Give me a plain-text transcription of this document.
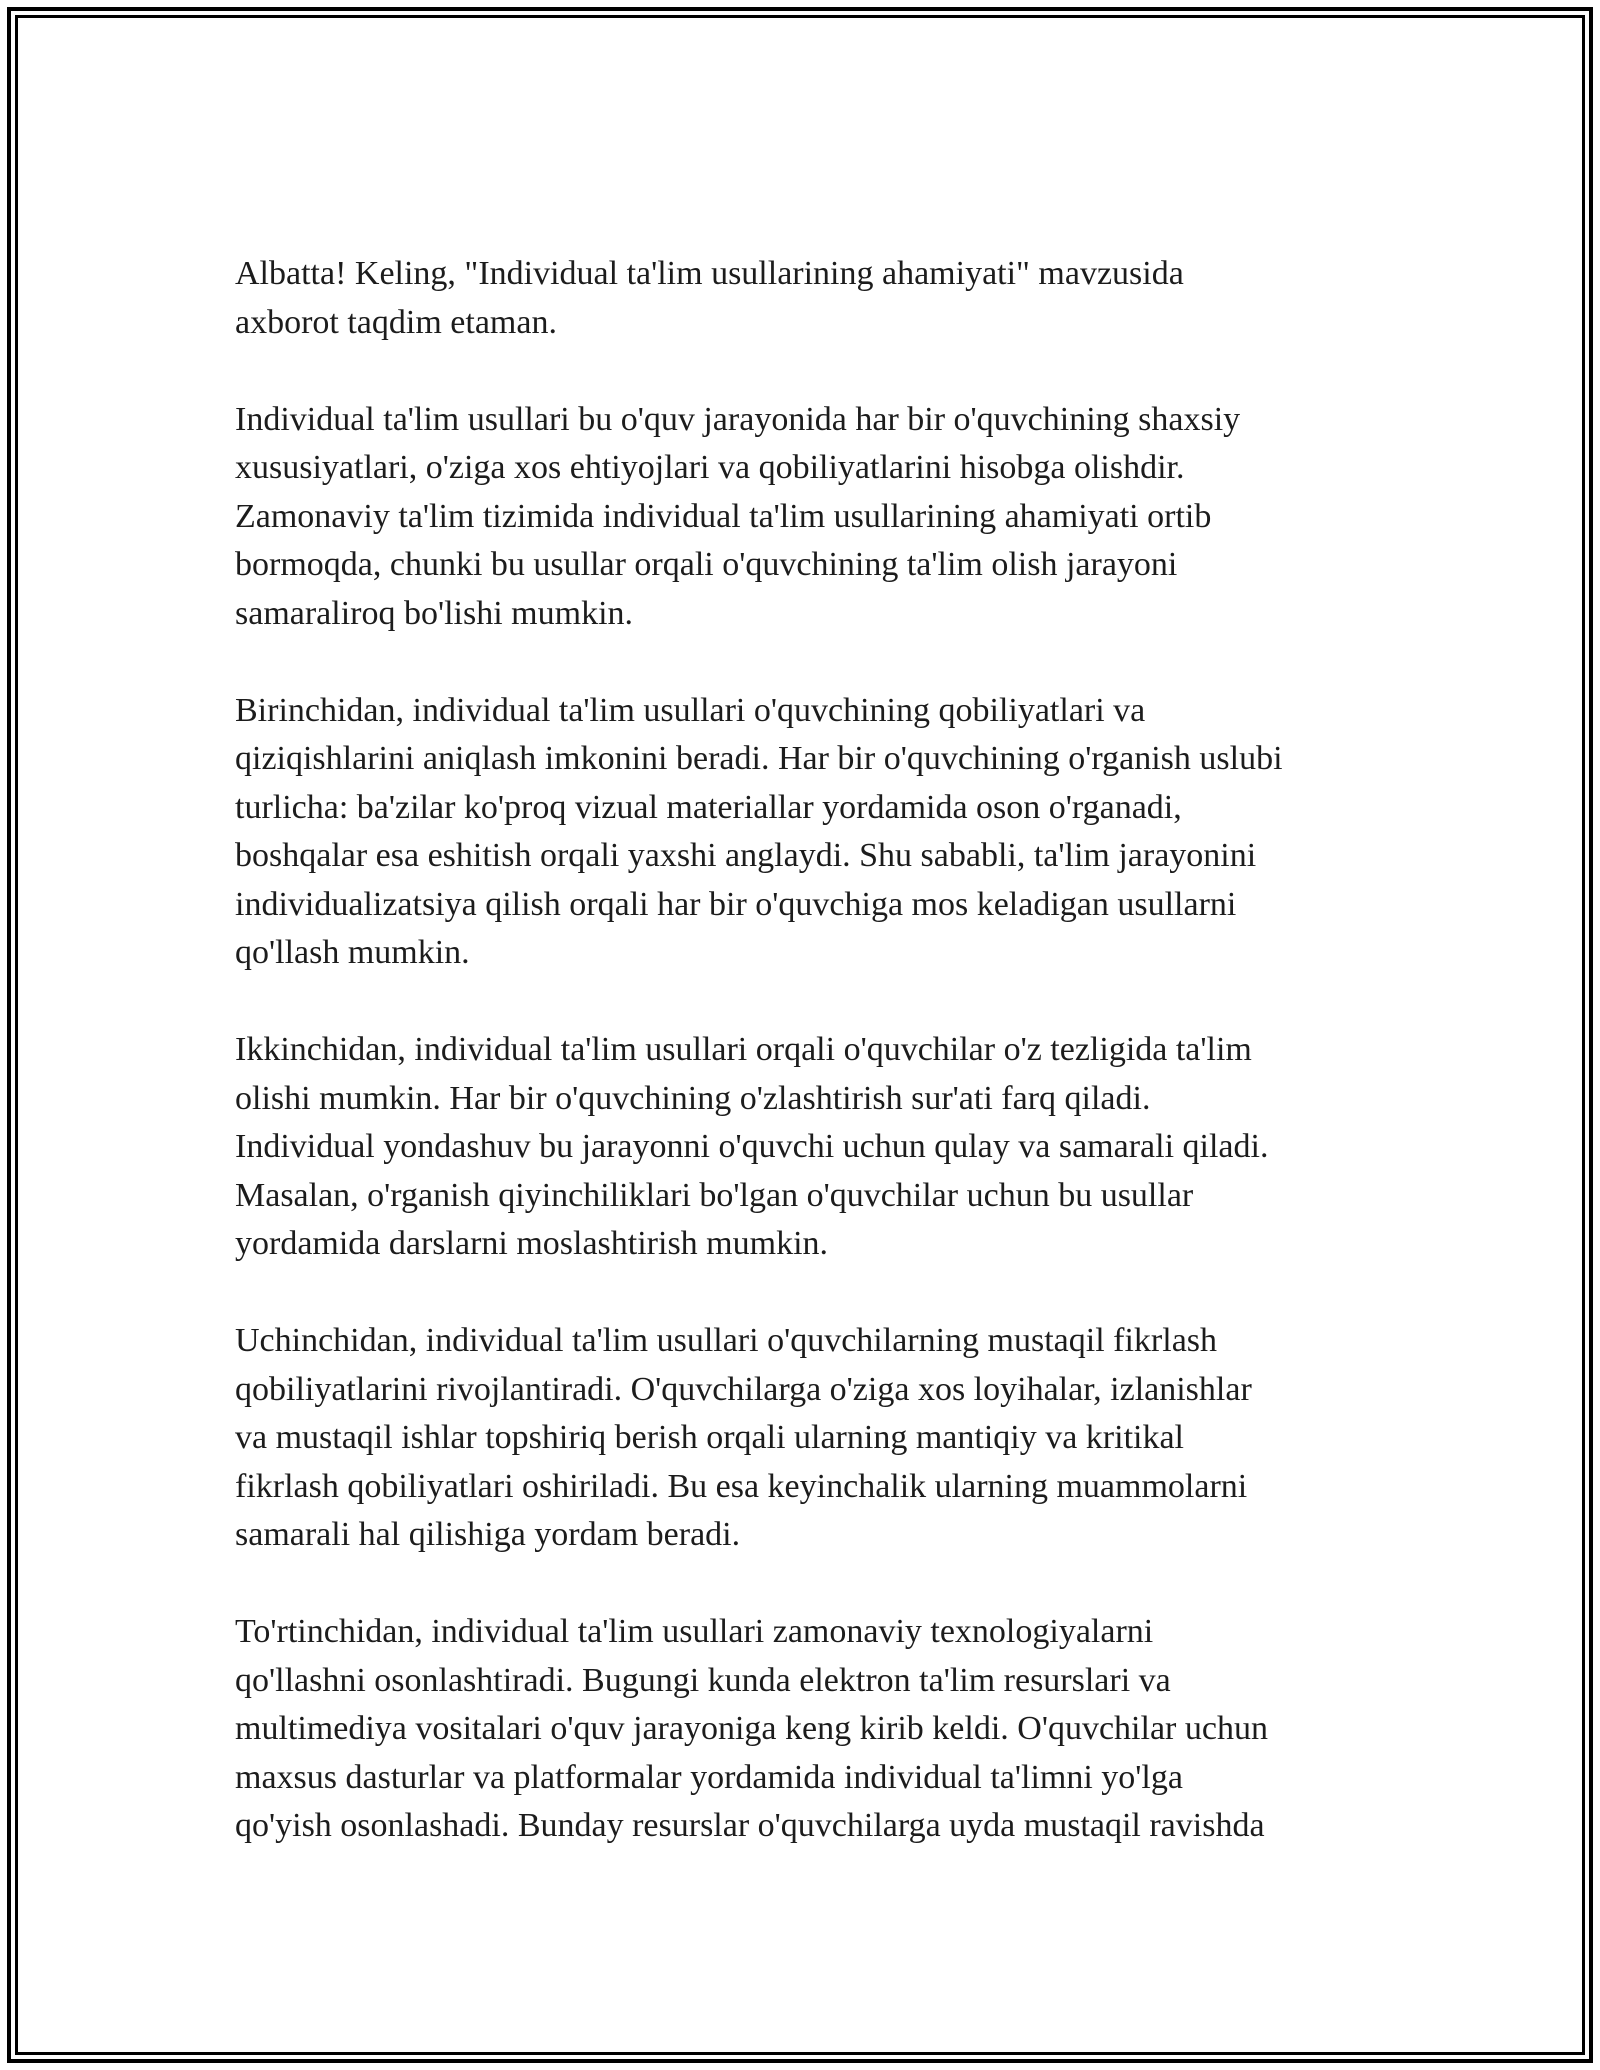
Albatta! Keling, "Individual ta'lim usullarining ahamiyati" mavzusida
axborot taqdim etaman.

Individual ta'lim usullari bu o'quv jarayonida har bir o'quvchining shaxsiy
xususiyatlari, o'ziga xos ehtiyojlari va qobiliyatlarini hisobga olishdir.
Zamonaviy ta'lim tizimida individual ta'lim usullarining ahamiyati ortib
bormoqda, chunki bu usullar orqali o'quvchining ta'lim olish jarayoni
samaraliroq bo'lishi mumkin.

Birinchidan, individual ta'lim usullari o'quvchining qobiliyatlari va
qiziqishlarini aniqlash imkonini beradi. Har bir o'quvchining o'rganish uslubi
turlicha: ba'zilar ko'proq vizual materiallar yordamida oson o'rganadi,
boshqalar esa eshitish orqali yaxshi anglaydi. Shu sababli, ta'lim jarayonini
individualizatsiya qilish orqali har bir o'quvchiga mos keladigan usullarni
qo'llash mumkin.

Ikkinchidan, individual ta'lim usullari orqali o'quvchilar o'z tezligida ta'lim
olishi mumkin. Har bir o'quvchining o'zlashtirish sur'ati farq qiladi.
Individual yondashuv bu jarayonni o'quvchi uchun qulay va samarali qiladi.
Masalan, o'rganish qiyinchiliklari bo'lgan o'quvchilar uchun bu usullar
yordamida darslarni moslashtirish mumkin.

Uchinchidan, individual ta'lim usullari o'quvchilarning mustaqil fikrlash
qobiliyatlarini rivojlantiradi. O'quvchilarga o'ziga xos loyihalar, izlanishlar
va mustaqil ishlar topshiriq berish orqali ularning mantiqiy va kritikal
fikrlash qobiliyatlari oshiriladi. Bu esa keyinchalik ularning muammolarni
samarali hal qilishiga yordam beradi.

To'rtinchidan, individual ta'lim usullari zamonaviy texnologiyalarni
qo'llashni osonlashtiradi. Bugungi kunda elektron ta'lim resurslari va
multimediya vositalari o'quv jarayoniga keng kirib keldi. O'quvchilar uchun
maxsus dasturlar va platformalar yordamida individual ta'limni yo'lga
qo'yish osonlashadi. Bunday resurslar o'quvchilarga uyda mustaqil ravishda
